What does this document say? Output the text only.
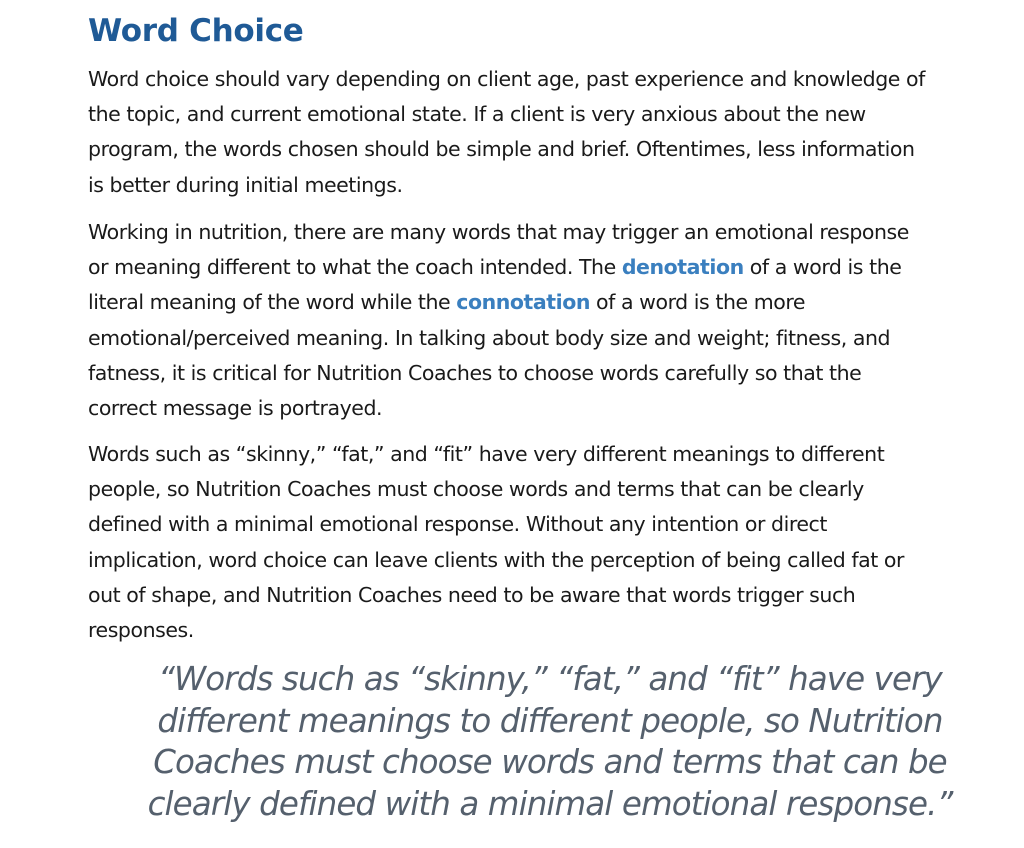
Word Choice

Word choice should vary depending on client age, past experience and knowledge of
the topic, and current emotional state. If a client is very anxious about the new
program, the words chosen should be simple and brief. Oftentimes, less information
is better during initial meetings.

Working in nutrition, there are many words that may trigger an emotional response
or meaning different to what the coach intended. The denotation of a word is the
literal meaning of the word while the connotation of a word is the more
emotional/perceived meaning. In talking about body size and weight; fitness, and
fatness, it is critical for Nutrition Coaches to choose words carefully so that the
correct message is portrayed.

Words such as “skinny,” “fat,” and “fit” have very different meanings to different
people, so Nutrition Coaches must choose words and terms that can be clearly
defined with a minimal emotional response. Without any intention or direct
implication, word choice can leave clients with the perception of being called fat or
out of shape, and Nutrition Coaches need to be aware that words trigger such
responses.

“Words such as “skinny,” “fat,” and “fit” have very
different meanings to different people, so Nutrition
Coaches must choose words and terms that can be
clearly defined with a minimal emotional response.”
